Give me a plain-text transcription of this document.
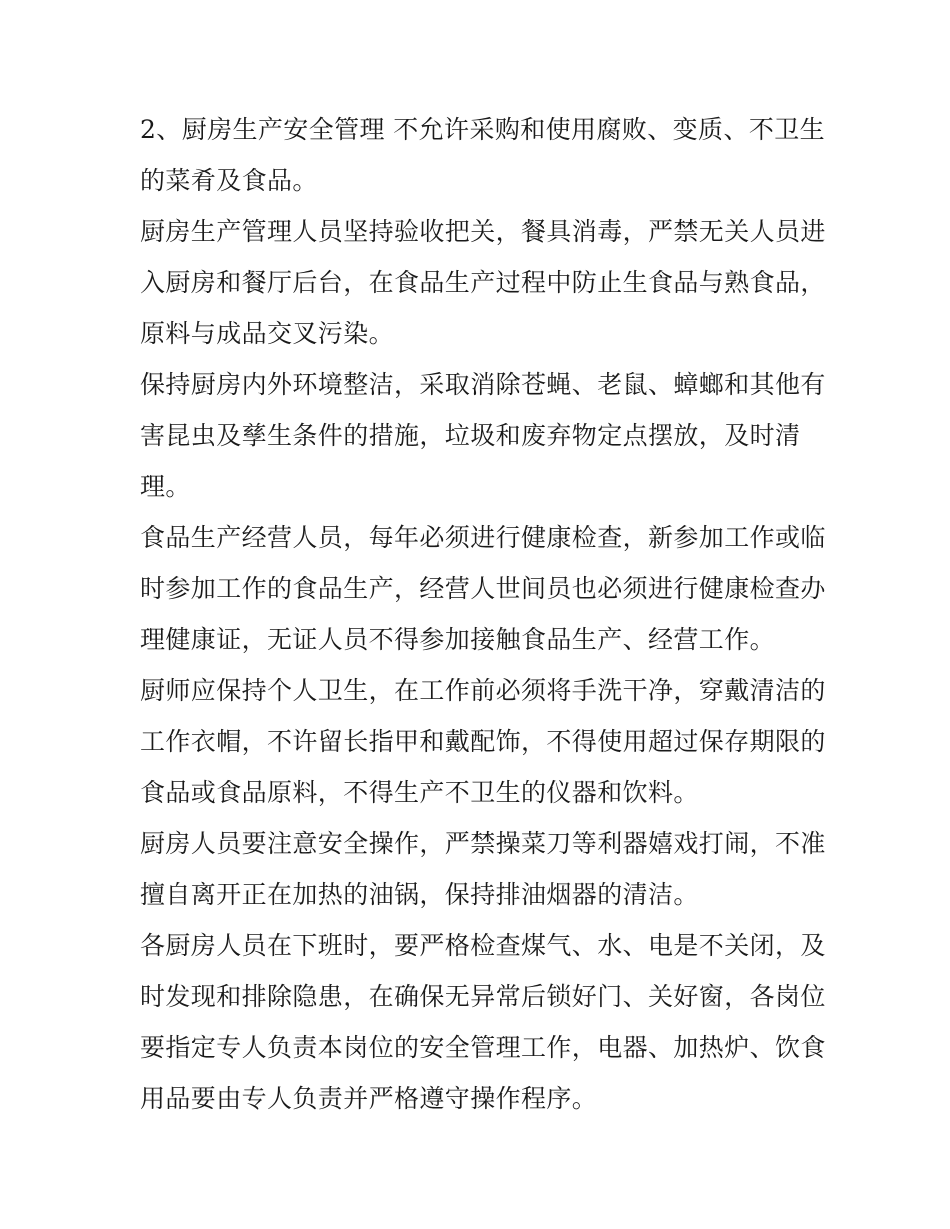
2、厨房生产安全管理 不允许采购和使用腐败、变质、不卫生
的菜肴及食品。

厨房生产管理人员坚持验收把关，餐具消毒，严禁无关人员进
入厨房和餐厅后台，在食品生产过程中防止生食品与熟食品，
原料与成品交叉污染。

保持厨房内外环境整洁，采取消除苍蝇、老鼠、蟑螂和其他有
害昆虫及孳生条件的措施，垃圾和废弃物定点摆放，及时清
理。

食品生产经营人员，每年必须进行健康检查，新参加工作或临
时参加工作的食品生产，经营人世间员也必须进行健康检查办
理健康证，无证人员不得参加接触食品生产、经营工作。

厨师应保持个人卫生，在工作前必须将手洗干净，穿戴清洁的
工作衣帽，不许留长指甲和戴配饰，不得使用超过保存期限的
食品或食品原料，不得生产不卫生的仪器和饮料。

厨房人员要注意安全操作，严禁操菜刀等利器嬉戏打闹，不准
擅自离开正在加热的油锅，保持排油烟器的清洁。

各厨房人员在下班时，要严格检查煤气、水、电是不关闭，及
时发现和排除隐患，在确保无异常后锁好门、关好窗，各岗位
要指定专人负责本岗位的安全管理工作，电器、加热炉、饮食
用品要由专人负责并严格遵守操作程序。
